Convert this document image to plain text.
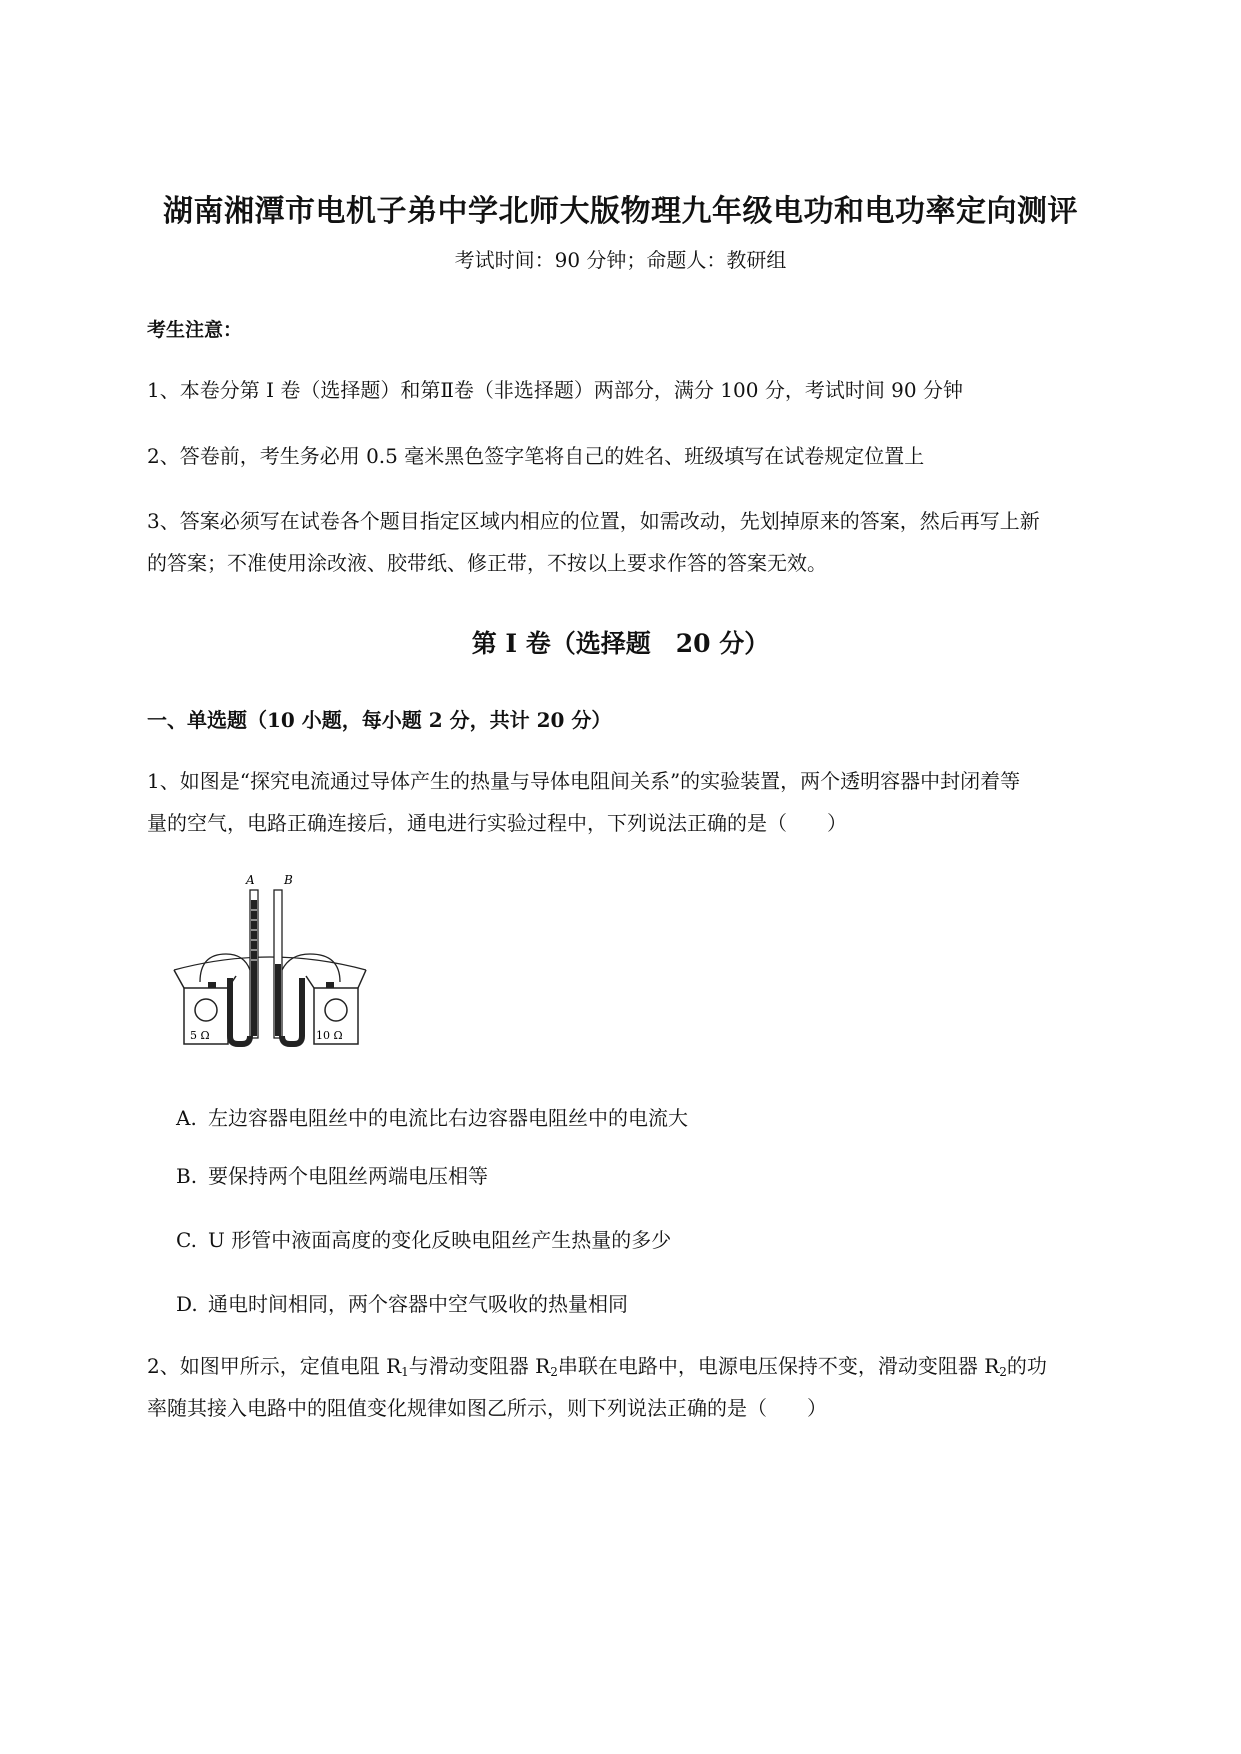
湖南湘潭市电机子弟中学北师大版物理九年级电功和电功率定向测评
考试时间：90 分钟；命题人：教研组
考生注意：
1、本卷分第 I 卷（选择题）和第Ⅱ卷（非选择题）两部分，满分 100 分，考试时间 90 分钟
2、答卷前，考生务必用 0.5 毫米黑色签字笔将自己的姓名、班级填写在试卷规定位置上
3、答案必须写在试卷各个题目指定区域内相应的位置，如需改动，先划掉原来的答案，然后再写上新
的答案；不准使用涂改液、胶带纸、修正带，不按以上要求作答的答案无效。
第 I 卷（选择题　20 分）
一、单选题（10 小题，每小题 2 分，共计 20 分）
1、如图是“探究电流通过导体产生的热量与导体电阻间关系”的实验装置，两个透明容器中封闭着等
量的空气，电路正确连接后，通电进行实验过程中，下列说法正确的是（　　）
A B
5 Ω	10 Ω
A. 左边容器电阻丝中的电流比右边容器电阻丝中的电流大
B. 要保持两个电阻丝两端电压相等
C. U 形管中液面高度的变化反映电阻丝产生热量的多少
D. 通电时间相同，两个容器中空气吸收的热量相同
2、如图甲所示，定值电阻 $R_1$与滑动变阻器 $R_2$串联在电路中，电源电压保持不变，滑动变阻器 $R_2$的功
率随其接入电路中的阻值变化规律如图乙所示，则下列说法正确的是（　　）
